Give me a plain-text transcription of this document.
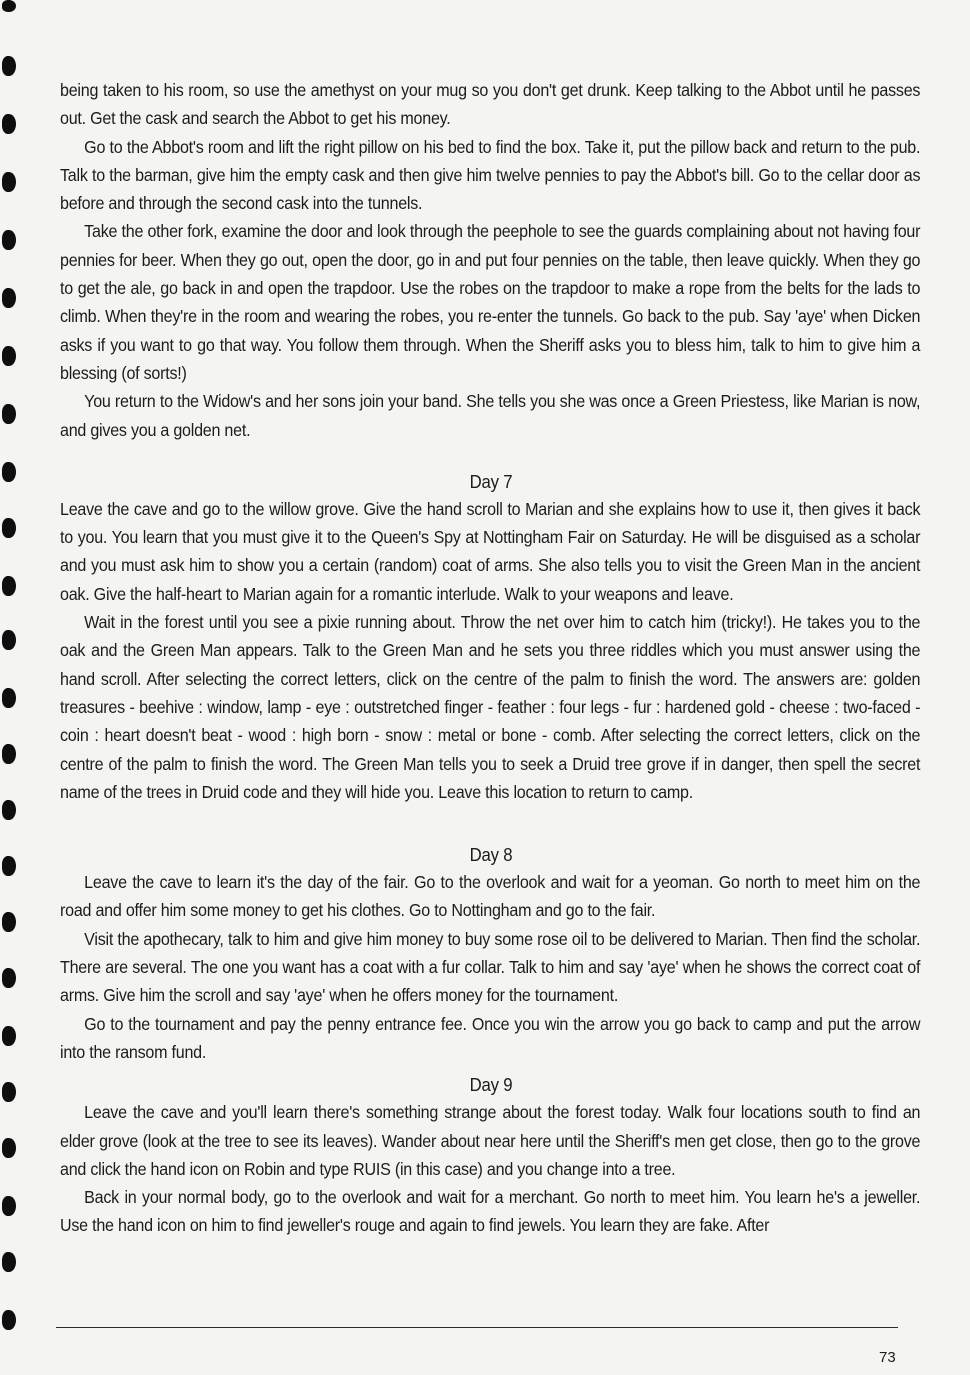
being taken to his room, so use the amethyst on your mug so you don't get drunk. Keep talking to the Abbot until he passes out. Get the cask and search the Abbot to get his money.

Go to the Abbot's room and lift the right pillow on his bed to find the box. Take it, put the pillow back and return to the pub. Talk to the barman, give him the empty cask and then give him twelve pennies to pay the Abbot's bill. Go to the cellar door as before and through the second cask into the tunnels.

Take the other fork, examine the door and look through the peephole to see the guards complaining about not having four pennies for beer. When they go out, open the door, go in and put four pennies on the table, then leave quickly. When they go to get the ale, go back in and open the trapdoor. Use the robes on the trapdoor to make a rope from the belts for the lads to climb. When they're in the room and wearing the robes, you re-enter the tunnels. Go back to the pub. Say 'aye' when Dicken asks if you want to go that way. You follow them through. When the Sheriff asks you to bless him, talk to him to give him a blessing (of sorts!)

You return to the Widow's and her sons join your band. She tells you she was once a Green Priestess, like Marian is now, and gives you a golden net.

Day 7

Leave the cave and go to the willow grove. Give the hand scroll to Marian and she explains how to use it, then gives it back to you. You learn that you must give it to the Queen's Spy at Nottingham Fair on Saturday. He will be disguised as a scholar and you must ask him to show you a certain (random) coat of arms. She also tells you to visit the Green Man in the ancient oak. Give the half-heart to Marian again for a romantic interlude. Walk to your weapons and leave.

Wait in the forest until you see a pixie running about. Throw the net over him to catch him (tricky!). He takes you to the oak and the Green Man appears. Talk to the Green Man and he sets you three riddles which you must answer using the hand scroll. After selecting the correct letters, click on the centre of the palm to finish the word. The answers are: golden treasures - beehive : window, lamp - eye : outstretched finger - feather : four legs - fur : hardened gold - cheese : two-faced - coin : heart doesn't beat - wood : high born - snow : metal or bone - comb. After selecting the correct letters, click on the centre of the palm to finish the word. The Green Man tells you to seek a Druid tree grove if in danger, then spell the secret name of the trees in Druid code and they will hide you. Leave this location to return to camp.

Day 8

Leave the cave to learn it's the day of the fair. Go to the overlook and wait for a yeoman. Go north to meet him on the road and offer him some money to get his clothes. Go to Nottingham and go to the fair.

Visit the apothecary, talk to him and give him money to buy some rose oil to be delivered to Marian. Then find the scholar. There are several. The one you want has a coat with a fur collar. Talk to him and say 'aye' when he shows the correct coat of arms. Give him the scroll and say 'aye' when he offers money for the tournament.

Go to the tournament and pay the penny entrance fee. Once you win the arrow you go back to camp and put the arrow into the ransom fund.

Day 9

Leave the cave and you'll learn there's something strange about the forest today. Walk four locations south to find an elder grove (look at the tree to see its leaves). Wander about near here until the Sheriff's men get close, then go to the grove and click the hand icon on Robin and type RUIS (in this case) and you change into a tree.

Back in your normal body, go to the overlook and wait for a merchant. Go north to meet him. You learn he's a jeweller. Use the hand icon on him to find jeweller's rouge and again to find jewels. You learn they are fake. After

73
